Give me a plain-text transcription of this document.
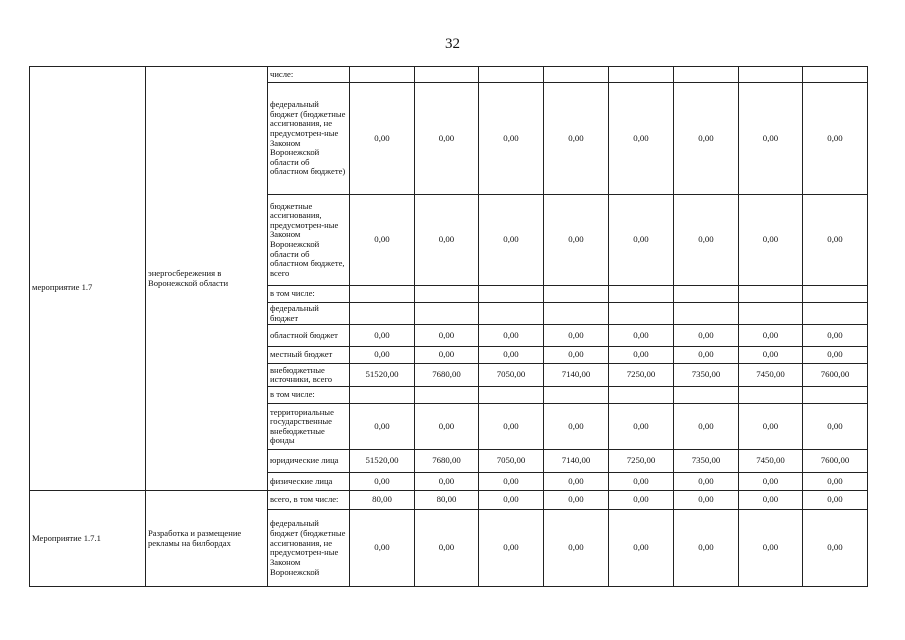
32
мероприятие 1.7	энергосбережения в Воронежской области	числе:								
		федеральный бюджет (бюджетные ассигнования, не предусмотрен-ные Законом Воронежской области об областном бюджете)	0,00	0,00	0,00	0,00	0,00	0,00	0,00	0,00
		бюджетные ассигнования, предусмотрен-ные Законом Воронежской области об областном бюджете, всего	0,00	0,00	0,00	0,00	0,00	0,00	0,00	0,00
		в том числе:								
		федеральный бюджет								
		областной бюджет	0,00	0,00	0,00	0,00	0,00	0,00	0,00	0,00
		местный бюджет	0,00	0,00	0,00	0,00	0,00	0,00	0,00	0,00
		внебюджетные источники, всего	51520,00	7680,00	7050,00	7140,00	7250,00	7350,00	7450,00	7600,00
		в том числе:								
		территориальные государственные внебюджетные фонды	0,00	0,00	0,00	0,00	0,00	0,00	0,00	0,00
		юридические лица	51520,00	7680,00	7050,00	7140,00	7250,00	7350,00	7450,00	7600,00
		физические лица	0,00	0,00	0,00	0,00	0,00	0,00	0,00	0,00
Мероприятие 1.7.1	Разработка и размещение рекламы на билбордах	всего, в том числе:	80,00	80,00	0,00	0,00	0,00	0,00	0,00	0,00
		федеральный бюджет (бюджетные ассигнования, не предусмотрен-ные Законом Воронежской	0,00	0,00	0,00	0,00	0,00	0,00	0,00	0,00
